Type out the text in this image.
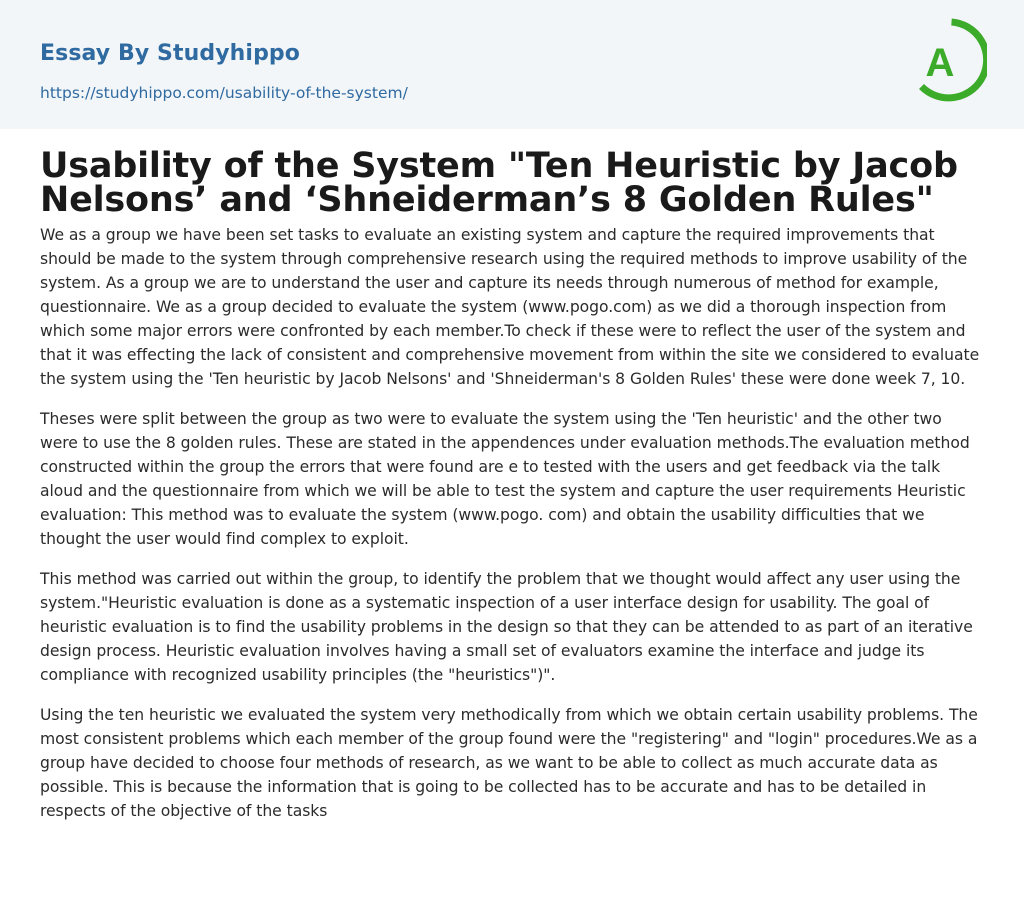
Essay By Studyhippo
https://studyhippo.com/usability-of-the-system/
A
Usability of the System "Ten Heuristic by Jacob Nelsons’ and ‘Shneiderman’s 8 Golden Rules"

We as a group we have been set tasks to evaluate an existing system and capture the required improvements that should be made to the system through comprehensive research using the required methods to improve usability of the system. As a group we are to understand the user and capture its needs through numerous of method for example, questionnaire. We as a group decided to evaluate the system (www.pogo.com) as we did a thorough inspection from which some major errors were confronted by each member.To check if these were to reflect the user of the system and that it was effecting the lack of consistent and comprehensive movement from within the site we considered to evaluate the system using the 'Ten heuristic by Jacob Nelsons' and 'Shneiderman's 8 Golden Rules' these were done week 7, 10.

Theses were split between the group as two were to evaluate the system using the 'Ten heuristic' and the other two were to use the 8 golden rules. These are stated in the appendences under evaluation methods.The evaluation method constructed within the group the errors that were found are e to tested with the users and get feedback via the talk aloud and the questionnaire from which we will be able to test the system and capture the user requirements Heuristic evaluation: This method was to evaluate the system (www.pogo. com) and obtain the usability difficulties that we thought the user would find complex to exploit.

This method was carried out within the group, to identify the problem that we thought would affect any user using the system."Heuristic evaluation is done as a systematic inspection of a user interface design for usability. The goal of heuristic evaluation is to find the usability problems in the design so that they can be attended to as part of an iterative design process. Heuristic evaluation involves having a small set of evaluators examine the interface and judge its compliance with recognized usability principles (the "heuristics")".

Using the ten heuristic we evaluated the system very methodically from which we obtain certain usability problems. The most consistent problems which each member of the group found were the "registering" and "login" procedures.We as a group have decided to choose four methods of research, as we want to be able to collect as much accurate data as possible. This is because the information that is going to be collected has to be accurate and has to be detailed in respects of the objective of the tasks
